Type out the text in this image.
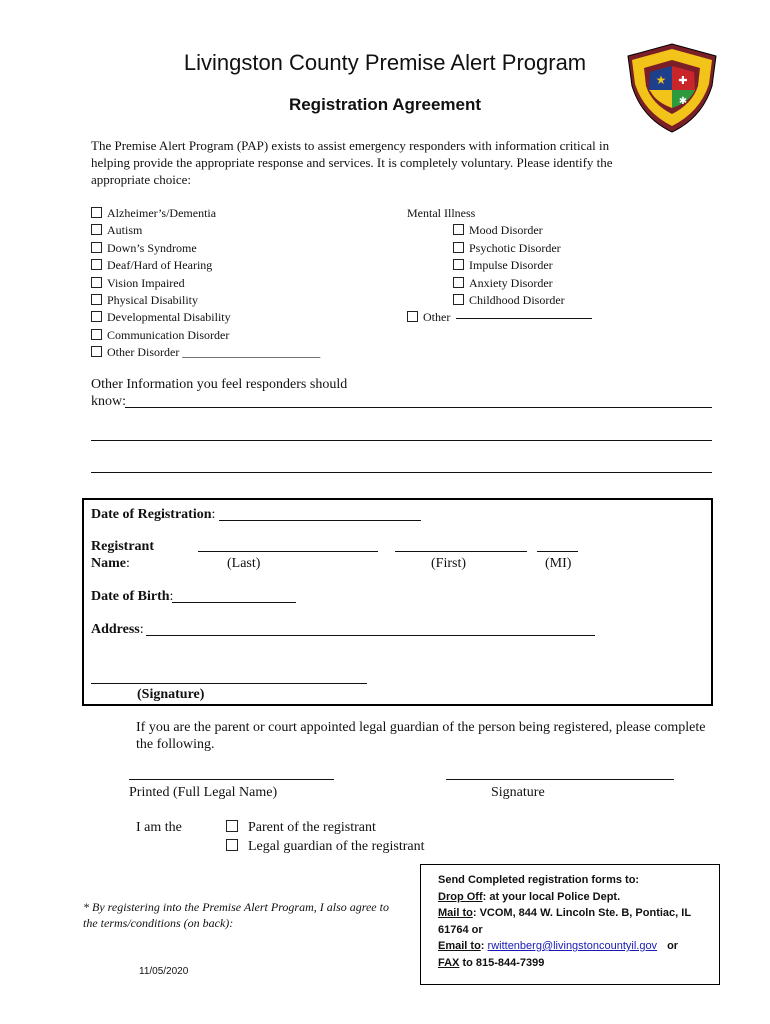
Livingston County Premise Alert Program
Registration Agreement
★ ✚
✱
The Premise Alert Program (PAP) exists to assist emergency responders with information critical in
helping provide the appropriate response and services. It is completely voluntary. Please identify the
appropriate choice:
Alzheimer’s/Dementia
Autism
Down’s Syndrome
Deaf/Hard of Hearing
Vision Impaired
Physical Disability
Developmental Disability
Communication Disorder
Other Disorder _______________________
Mental Illness
Mood Disorder
Psychotic Disorder
Impulse Disorder
Anxiety Disorder
Childhood Disorder
Other
Other Information you feel responders should
know:
Date of Registration:
Registrant
Name:	(Last)	(First)	(MI)
Date of Birth:
Address:
(Signature)
If you are the parent or court appointed legal guardian of the person being registered, please complete
the following.
Printed (Full Legal Name)	Signature
I am the	Parent of the registrant
Legal guardian of the registrant
* By registering into the Premise Alert Program, I also agree to
the terms/conditions (on back):
11/05/2020
Send Completed registration forms to:
Drop Off: at your local Police Dept.
Mail to: VCOM, 844 W. Lincoln Ste. B, Pontiac, IL
61764 or
Email to: rwittenberg@livingstoncountyil.gov or
FAX to 815-844-7399
